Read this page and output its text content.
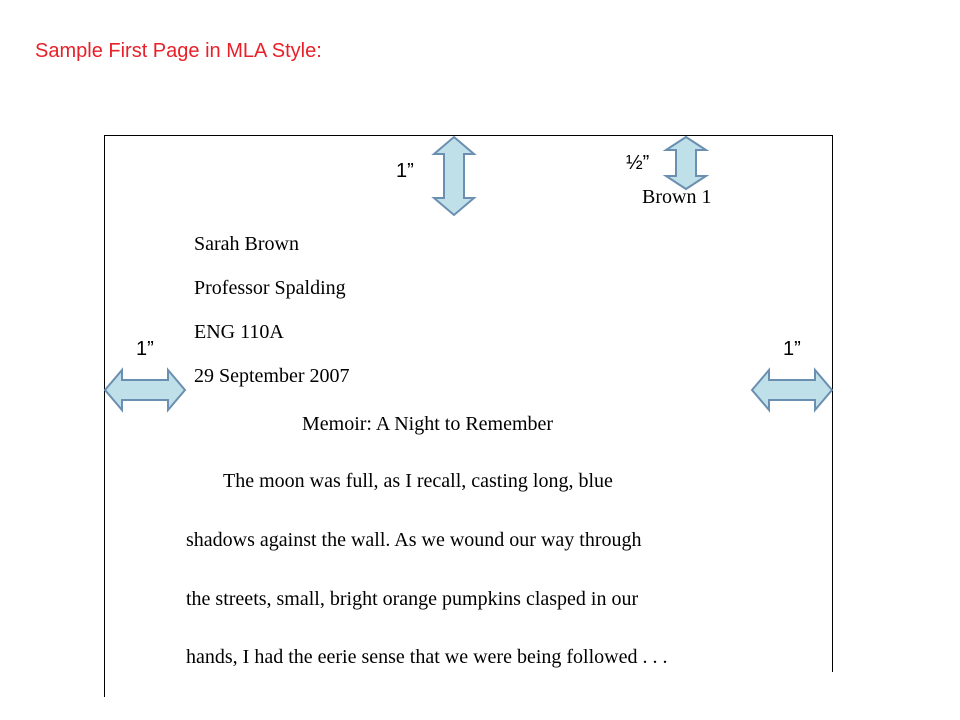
Sample First Page in MLA Style:
1”	½”
1”	1”
Brown 1
Sarah Brown
Professor Spalding
ENG 110A
29 September 2007
Memoir: A Night to Remember
The moon was full, as I recall, casting long, blue
shadows against the wall. As we wound our way through
the streets, small, bright orange pumpkins clasped in our
hands, I had the eerie sense that we were being followed . . .
